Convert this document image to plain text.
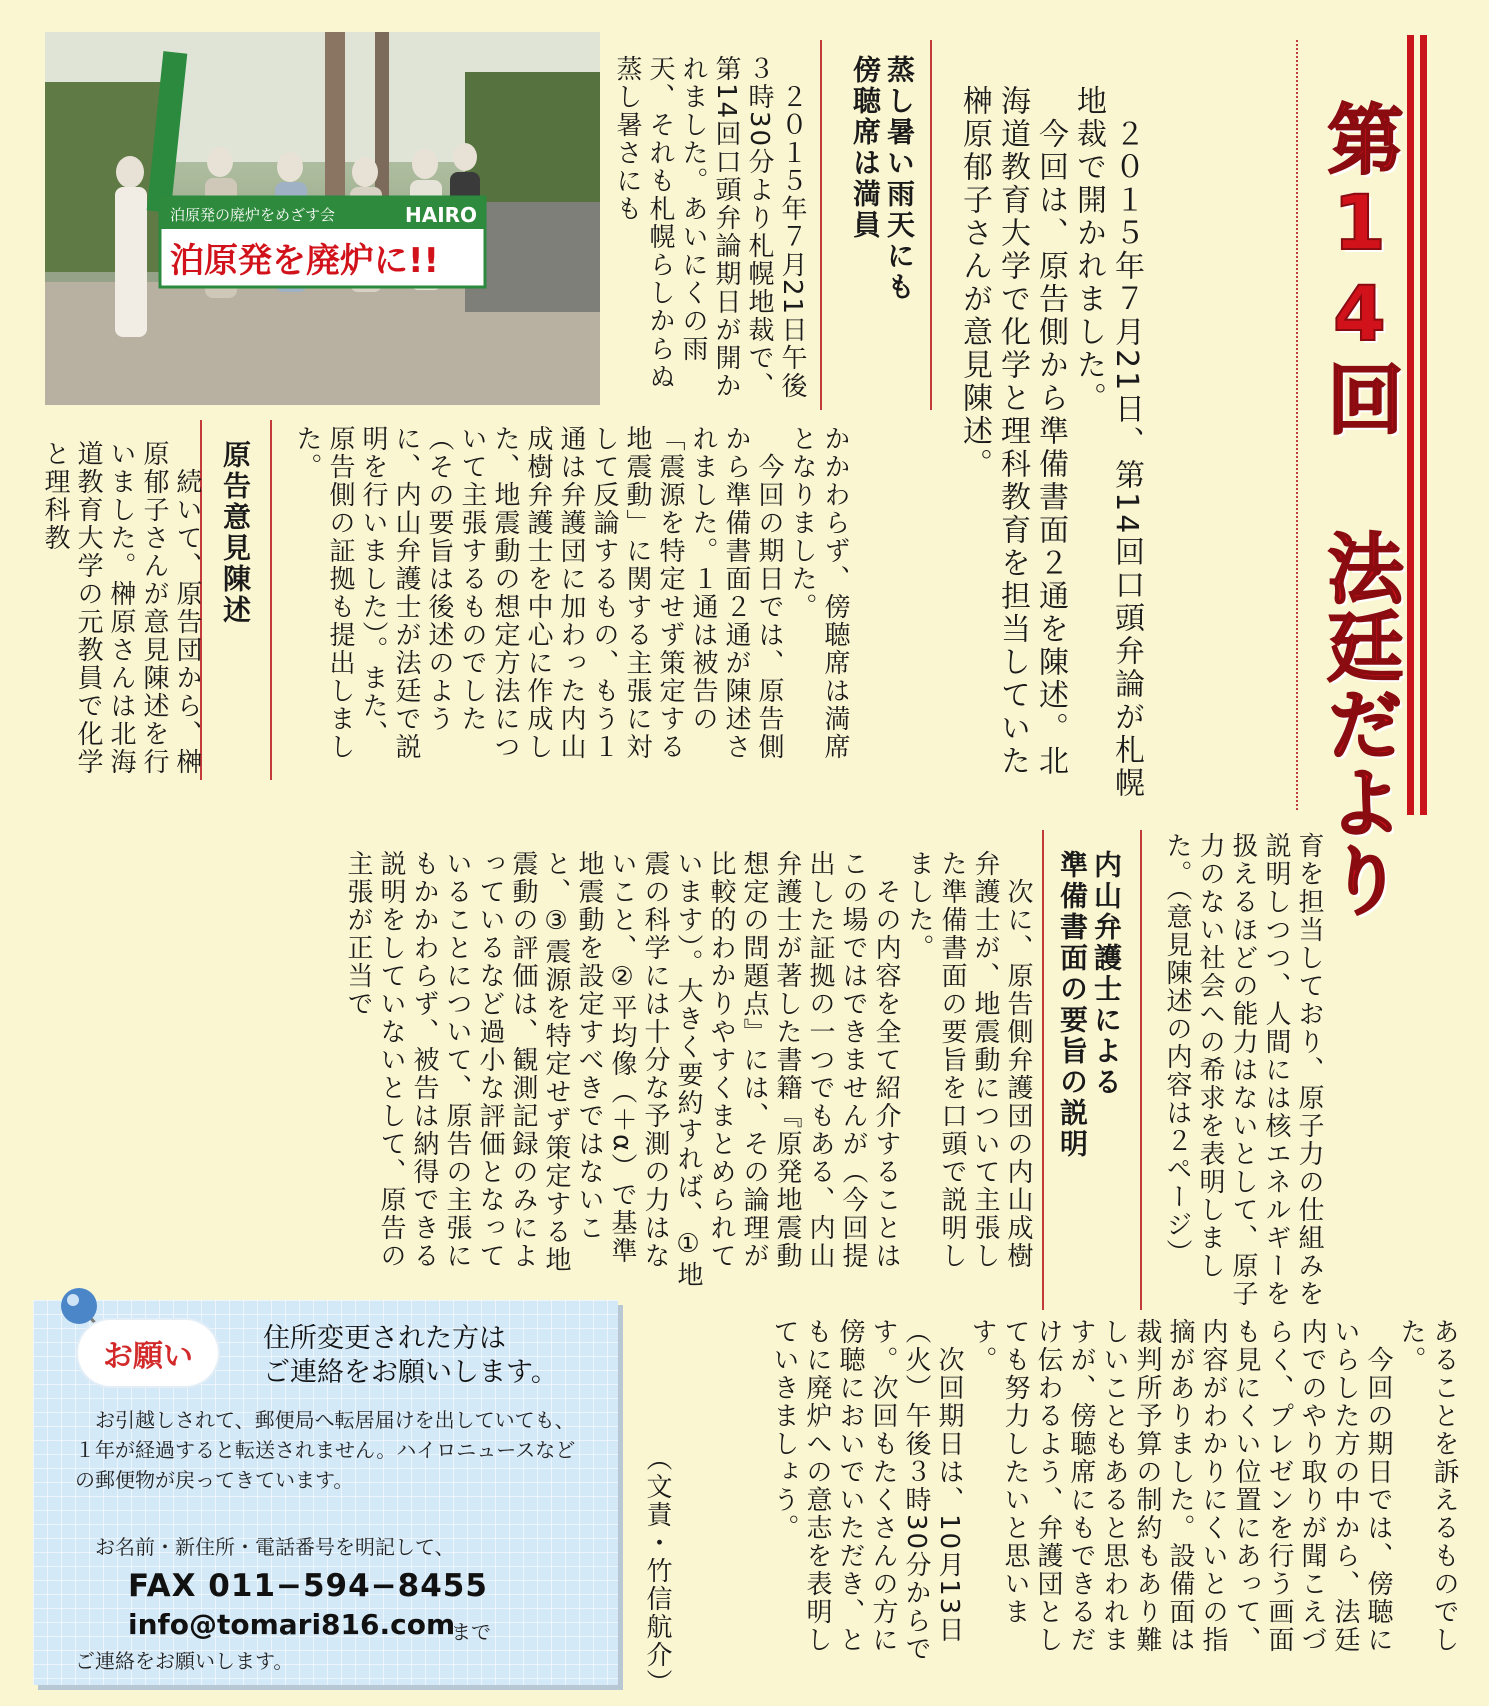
第14回 法廷だより

　２０１５年７月21日、第14回口頭弁論が札幌地裁で開かれました。
　今回は、原告側から準備書面２通を陳述。北海道教育大学で化学と理科教育を担当していた榊原郁子さんが意見陳述。

蒸し暑い雨天にも
傍聴席は満員

　２０１５年７月21日午後３時30分より札幌地裁で、第14回口頭弁論期日が開かれました。あいにくの雨天、それも札幌らしからぬ蒸し暑さにも

泊原発の廃炉をめざす会	HAIRO
泊原発を廃炉に!!

かかわらず、傍聴席は満席となりました。
　今回の期日では、原告側から準備書面２通が陳述されました。１通は被告の「震源を特定せず策定する地震動」に関する主張に対して反論するもの、もう１通は弁護団に加わった内山成樹弁護士を中心に作成した、地震動の想定方法について主張するものでした（その要旨は後述のように、内山弁護士が法廷で説明を行いました）。また、原告側の証拠も提出しました。

原告意見陳述

　続いて、原告団から、榊原郁子さんが意見陳述を行いました。榊原さんは北海道教育大学の元教員で化学と理科教

育を担当しており、原子力の仕組みを説明しつつ、人間には核エネルギーを扱えるほどの能力はないとして、原子力のない社会への希求を表明しました。（意見陳述の内容は２ページ）

内山弁護士による
準備書面の要旨の説明

　次に、原告側弁護団の内山成樹弁護士が、地震動について主張した準備書面の要旨を口頭で説明しました。
　その内容を全て紹介することはこの場ではできませんが（今回提出した証拠の一つでもある、内山弁護士が著した書籍『原発地震動想定の問題点』には、その論理が比較的わかりやすくまとめられています）。大きく要約すれば、①地震の科学には十分な予測の力はないこと、②平均像（＋α）で基準地震動を設定すべきではないこと、③震源を特定せず策定する地震動の評価は、観測記録のみによっているなど過小な評価となっていることについて、原告の主張にもかかわらず、被告は納得できる説明をしていないとして、原告の主張が正当で

あることを訴えるものでした。
　今回の期日では、傍聴にいらした方の中から、法廷内でのやり取りが聞こえづらく、プレゼンを行う画面も見にくい位置にあって、内容がわかりにくいとの指摘がありました。設備面は裁判所予算の制約もあり難しいこともあると思われますが、傍聴席にもできるだけ伝わるよう、弁護団としても努力したいと思います。
　次回期日は、10月13日（火）午後３時30分からです。次回もたくさんの方に傍聴においでいただき、ともに廃炉への意志を表明していきましょう。

（文責・竹信航介）

お願い

住所変更された方は
ご連絡をお願いします。

お引越しされて、郵便局へ転居届けを出していても、１年が経過すると転送されません。ハイロニュースなどの郵便物が戻ってきています。

お名前・新住所・電話番号を明記して、

FAX 011−594−8455

info@tomari816.com

まで

ご連絡をお願いします。
